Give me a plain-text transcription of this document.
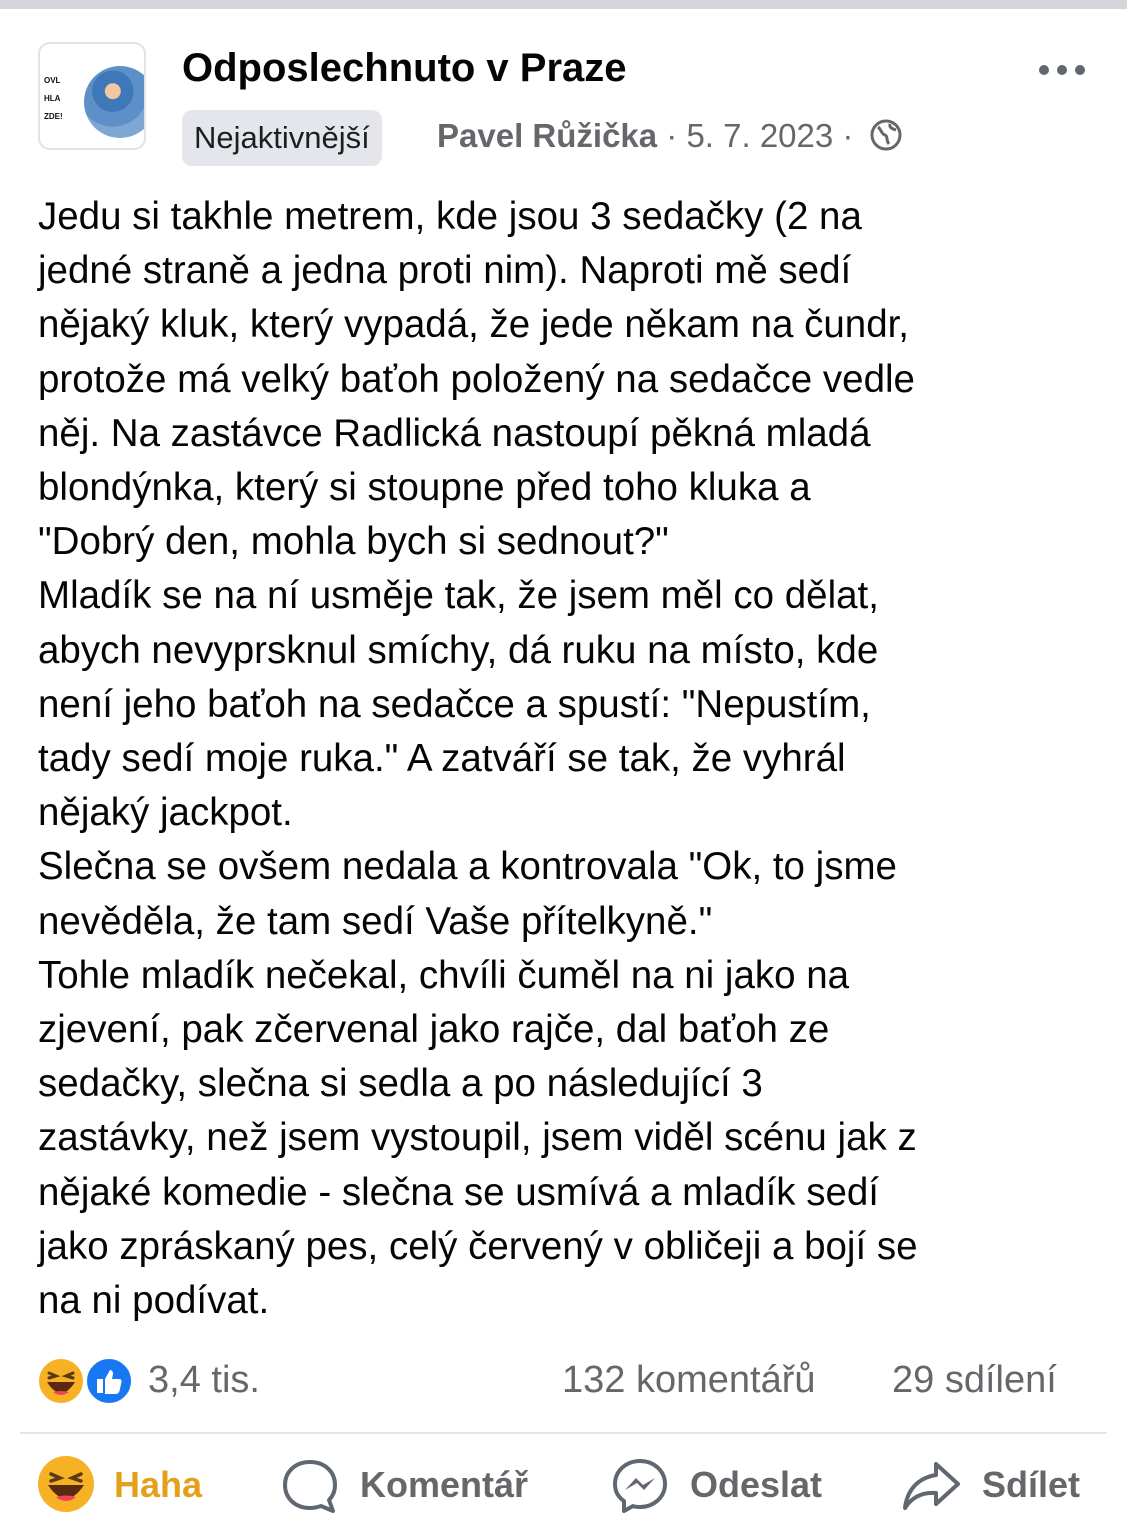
OVL
HLA
ZDE!
Odposlechnuto v Praze
Nejaktivnější	Pavel Růžička · 5. 7. 2023 ·
Jedu si takhle metrem, kde jsou 3 sedačky (2 na
jedné straně a jedna proti nim). Naproti mě sedí
nějaký kluk, který vypadá, že jede někam na čundr,
protože má velký baťoh položený na sedačce vedle
něj. Na zastávce Radlická nastoupí pěkná mladá
blondýnka, který si stoupne před toho kluka a
"Dobrý den, mohla bych si sednout?"
Mladík se na ní usměje tak, že jsem měl co dělat,
abych nevyprsknul smíchy, dá ruku na místo, kde
není jeho baťoh na sedačce a spustí: "Nepustím,
tady sedí moje ruka." A zatváří se tak, že vyhrál
nějaký jackpot.
Slečna se ovšem nedala a kontrovala "Ok, to jsme
nevěděla, že tam sedí Vaše přítelkyně."
Tohle mladík nečekal, chvíli čuměl na ni jako na
zjevení, pak zčervenal jako rajče, dal baťoh ze
sedačky, slečna si sedla a po následující 3
zastávky, než jsem vystoupil, jsem viděl scénu jak z
nějaké komedie - slečna se usmívá a mladík sedí
jako zpráskaný pes, celý červený v obličeji a bojí se
na ni podívat.
3,4 tis.	132 komentářů 29 sdílení
Haha	Komentář	Odeslat	Sdílet
